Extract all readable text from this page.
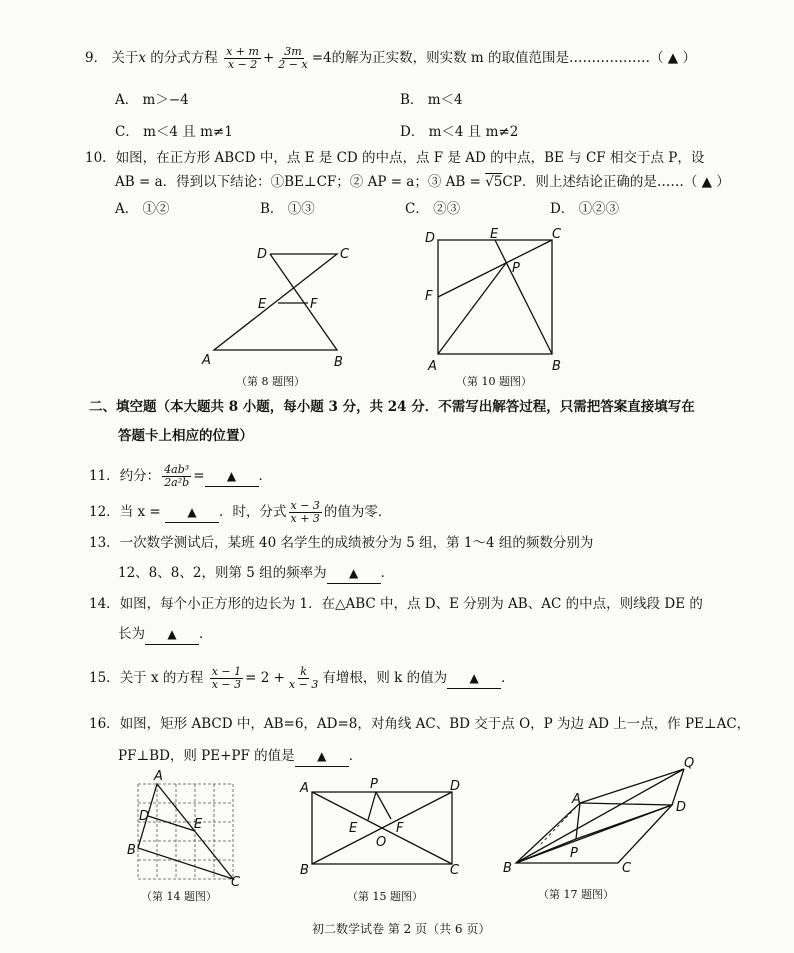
9． 关于x 的分式方程 $\frac{x + m}{x - 2} + \frac{3m}{2 - x} =4$的解为正实数，则实数 m 的取值范围是………………（ ▲ ）
A． m＞−4	B． m＜4
C． m＜4 且 m≠1	D． m＜4 且 m≠2
10．如图，在正方形 ABCD 中，点 E 是 CD 的中点，点 F 是 AD 的中点，BE 与 CF 相交于点 P，设
AB = a．得到以下结论：①BE⊥CF；② AP = a；③ AB = √5CP．则上述结论正确的是……（ ▲ ）
A． ①②	B． ①③	C． ②③	D． ①②③
D	C
E	F
A	B
（第 8 题图）
D	E	C
P
F
A	B
（第 10 题图）
二、填空题（本大题共 8 小题，每小题 3 分，共 24 分．不需写出解答过程，只需把答案直接填写在
答题卡上相应的位置）
11．约分： $\frac{\text{4ab³}}{\text{2a²b}}$ = ▲ ．
12．当 x = ▲ ．时，分式 $\frac{x - 3}{x + 3}$ 的值为零．
13．一次数学测试后，某班 40 名学生的成绩被分为 5 组，第 1～4 组的频数分别为
12、8、8、2，则第 5 组的频率为 ▲ ．
14．如图，每个小正方形的边长为 1．在△ABC 中，点 D、E 分别为 AB、AC 的中点，则线段 DE 的
长为 ▲ ．
15．关于 x 的方程 $\frac{x - 1}{x - 3} = 2 + \frac{k}{x - 3}$ 有增根，则 k 的值为 ▲ ．
16．如图，矩形 ABCD 中，AB=6，AD=8，对角线 AC、BD 交于点 O，P 为边 AD 上一点，作 PE⊥AC，
PF⊥BD，则 PE+PF 的值是 ▲ ．
A
D
E
B
C
（第 14 题图）
A	P	D
E	F
O
B	C
（第 15 题图）
Q
A
D
P
B	C
（第 17 题图）
初二数学试卷 第 2 页（共 6 页）
